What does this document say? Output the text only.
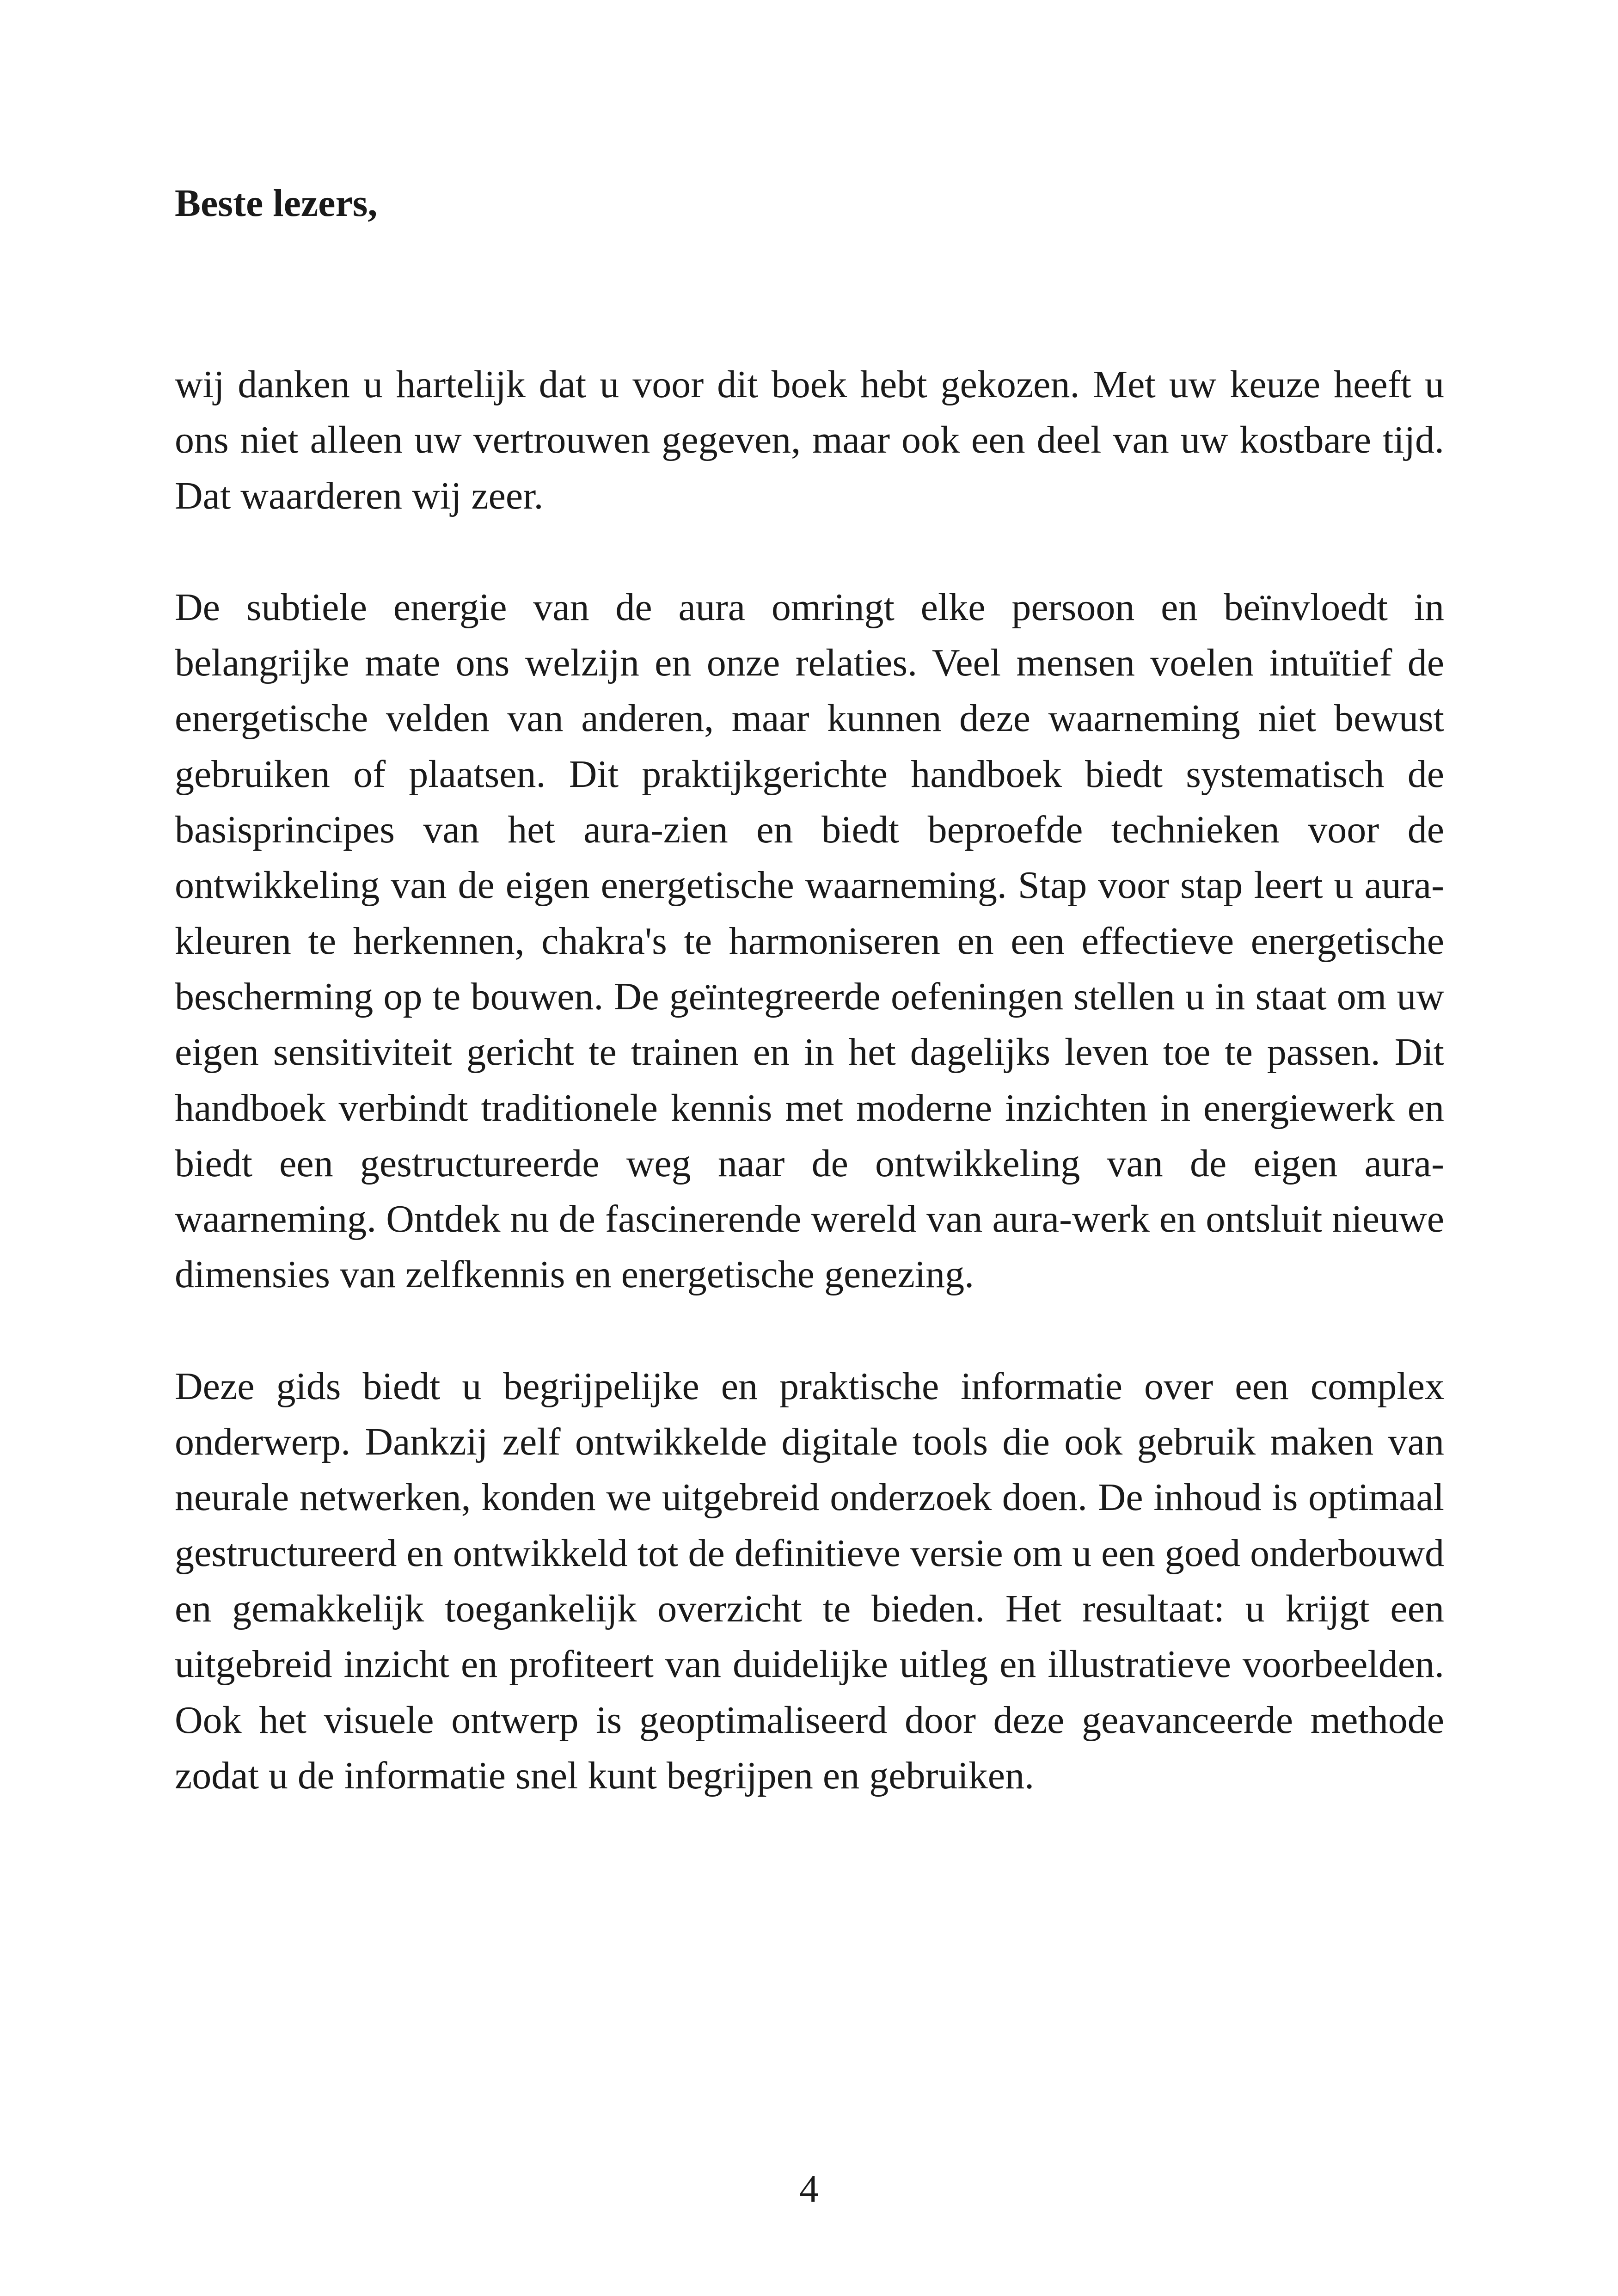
Beste lezers,

wij danken u hartelijk dat u voor dit boek hebt gekozen. Met uw keuze heeft u ons niet alleen uw vertrouwen gegeven, maar ook een deel van uw kostbare tijd. Dat waarderen wij zeer.

De subtiele energie van de aura omringt elke persoon en beïnvloedt in belangrijke mate ons welzijn en onze relaties. Veel mensen voelen intuïtief de energetische velden van anderen, maar kunnen deze waarneming niet bewust gebruiken of plaatsen. Dit praktijkgerichte handboek biedt systematisch de basisprincipes van het aura-zien en biedt beproefde technieken voor de ontwikkeling van de eigen energetische waarneming. Stap voor stap leert u aura-kleuren te herkennen, chakra's te harmoniseren en een effectieve energetische bescherming op te bouwen. De geïntegreerde oefeningen stellen u in staat om uw eigen sensitiviteit gericht te trainen en in het dagelijks leven toe te passen. Dit handboek verbindt traditionele kennis met moderne inzichten in energiewerk en biedt een gestructureerde weg naar de ontwikkeling van de eigen aura-waarneming. Ontdek nu de fascinerende wereld van aura-werk en ontsluit nieuwe dimensies van zelfkennis en energetische genezing.

Deze gids biedt u begrijpelijke en praktische informatie over een complex onderwerp. Dankzij zelf ontwikkelde digitale tools die ook gebruik maken van neurale netwerken, konden we uitgebreid onderzoek doen. De inhoud is optimaal gestructureerd en ontwikkeld tot de definitieve versie om u een goed onderbouwd en gemakkelijk toegankelijk overzicht te bieden. Het resultaat: u krijgt een uitgebreid inzicht en profiteert van duidelijke uitleg en illustratieve voorbeelden. Ook het visuele ontwerp is geoptimaliseerd door deze geavanceerde methode zodat u de informatie snel kunt begrijpen en gebruiken.

4
